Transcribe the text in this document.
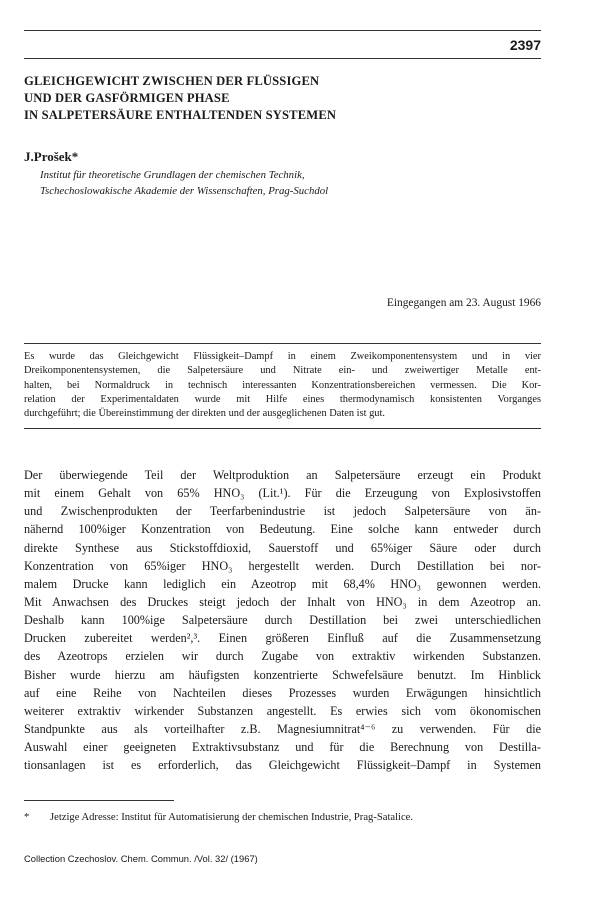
2397
GLEICHGEWICHT ZWISCHEN DER FLÜSSIGEN
UND DER GASFÖRMIGEN PHASE
IN SALPETERSÄURE ENTHALTENDEN SYSTEMEN
J.Prošek*
Institut für theoretische Grundlagen der chemischen Technik,
Tschechoslowakische Akademie der Wissenschaften, Prag-Suchdol
Eingegangen am 23. August 1966
Es wurde das Gleichgewicht Flüssigkeit–Dampf in einem Zweikomponentensystem und in vier
Dreikomponentensystemen, die Salpetersäure und Nitrate ein- und zweiwertiger Metalle ent-
halten, bei Normaldruck in technisch interessanten Konzentrationsbereichen vermessen. Die Kor-
relation der Experimentaldaten wurde mit Hilfe eines thermodynamisch konsistenten Vorganges
durchgeführt; die Übereinstimmung der direkten und der ausgeglichenen Daten ist gut.
Der überwiegende Teil der Weltproduktion an Salpetersäure erzeugt ein Produkt
mit einem Gehalt von 65% HNO₃ (Lit.¹). Für die Erzeugung von Explosivstoffen
und Zwischenprodukten der Teerfarbenindustrie ist jedoch Salpetersäure von än-
nähernd 100%iger Konzentration von Bedeutung. Eine solche kann entweder durch
direkte Synthese aus Stickstoffdioxid, Sauerstoff und 65%iger Säure oder durch
Konzentration von 65%iger HNO₃ hergestellt werden. Durch Destillation bei nor-
malem Drucke kann lediglich ein Azeotrop mit 68,4% HNO₃ gewonnen werden.
Mit Anwachsen des Druckes steigt jedoch der Inhalt von HNO₃ in dem Azeotrop an.
Deshalb kann 100%ige Salpetersäure durch Destillation bei zwei unterschiedlichen
Drucken zubereitet werden²,³. Einen größeren Einfluß auf die Zusammensetzung
des Azeotrops erzielen wir durch Zugabe von extraktiv wirkenden Substanzen.
Bisher wurde hierzu am häufigsten konzentrierte Schwefelsäure benutzt. Im Hinblick
auf eine Reihe von Nachteilen dieses Prozesses wurden Erwägungen hinsichtlich
weiterer extraktiv wirkender Substanzen angestellt. Es erwies sich vom ökonomischen
Standpunkte aus als vorteilhafter z.B. Magnesiumnitrat⁴⁻⁶ zu verwenden. Für die
Auswahl einer geeigneten Extraktivsubstanz und für die Berechnung von Destilla-
tionsanlagen ist es erforderlich, das Gleichgewicht Flüssigkeit–Dampf in Systemen
* Jetzige Adresse: Institut für Automatisierung der chemischen Industrie, Prag-Satalice.
Collection Czechoslov. Chem. Commun. /Vol. 32/ (1967)
